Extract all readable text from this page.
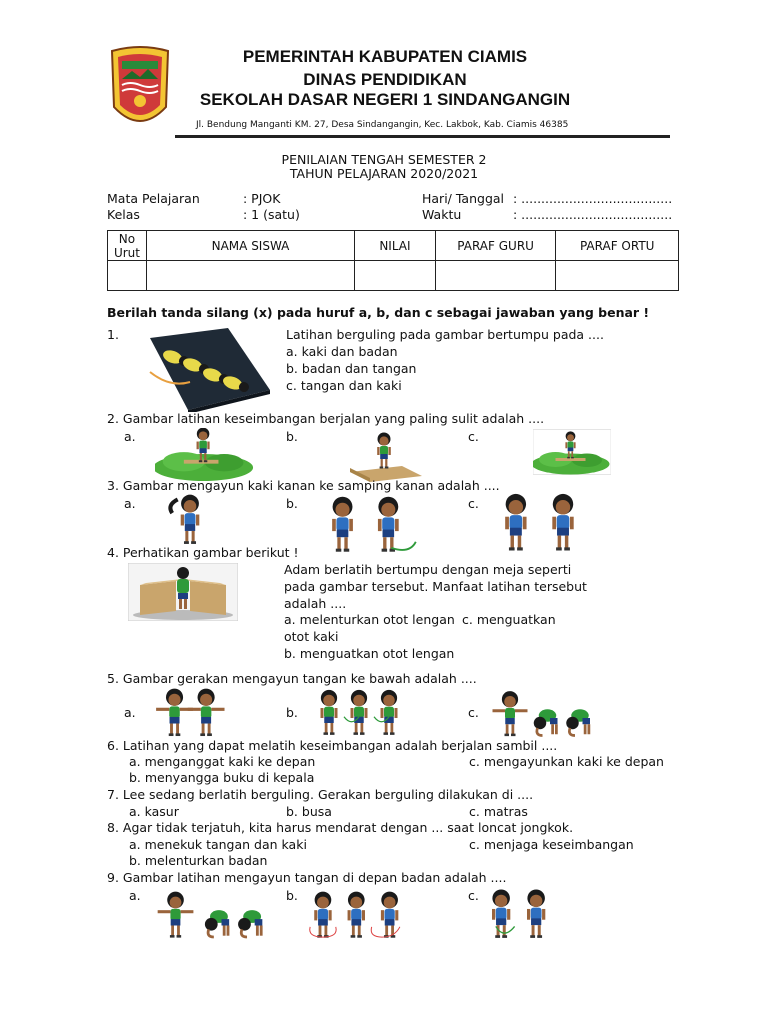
PEMERINTAH KABUPATEN CIAMIS
DINAS PENDIDIKAN
SEKOLAH DASAR NEGERI 1 SINDANGANGIN
Jl. Bendung Manganti KM. 27, Desa Sindangangin, Kec. Lakbok, Kab. Ciamis 46385
PENILAIAN TENGAH SEMESTER 2
TAHUN PELAJARAN 2020/2021
Mata Pelajaran	: PJOK
Kelas	: 1 (satu)
Hari/ Tanggal : ......................................
Waktu	: ......................................
No Urut	NAMA SISWA	NILAI	PARAF GURU	PARAF ORTU

Berilah tanda silang (x) pada huruf a, b, dan c sebagai jawaban yang benar !
1.	Latihan berguling pada gambar bertumpu pada ....
a. kaki dan badan
b. badan dan tangan
c. tangan dan kaki
2. Gambar latihan keseimbangan berjalan yang paling sulit adalah ....
a.	b.	c.
3. Gambar mengayun kaki kanan ke samping kanan adalah ....
a.	b.	c.
4. Perhatikan gambar berikut !
Adam berlatih bertumpu dengan meja seperti
pada gambar tersebut. Manfaat latihan tersebut
adalah ....
a. melenturkan otot lengan c. menguatkan
otot kaki
b. menguatkan otot lengan
5. Gambar gerakan mengayun tangan ke bawah adalah ....
a.	b.	c.
6. Latihan yang dapat melatih keseimbangan adalah berjalan sambil ....
a. menganggat kaki ke depan	c. mengayunkan kaki ke depan
b. menyangga buku di kepala
7. Lee sedang berlatih berguling. Gerakan berguling dilakukan di ....
a. kasur	b. busa	c. matras
8. Agar tidak terjatuh, kita harus mendarat dengan ... saat loncat jongkok.
a. menekuk tangan dan kaki	c. menjaga keseimbangan
b. melenturkan badan
9. Gambar latihan mengayun tangan di depan badan adalah ....
a.	b.	c.
